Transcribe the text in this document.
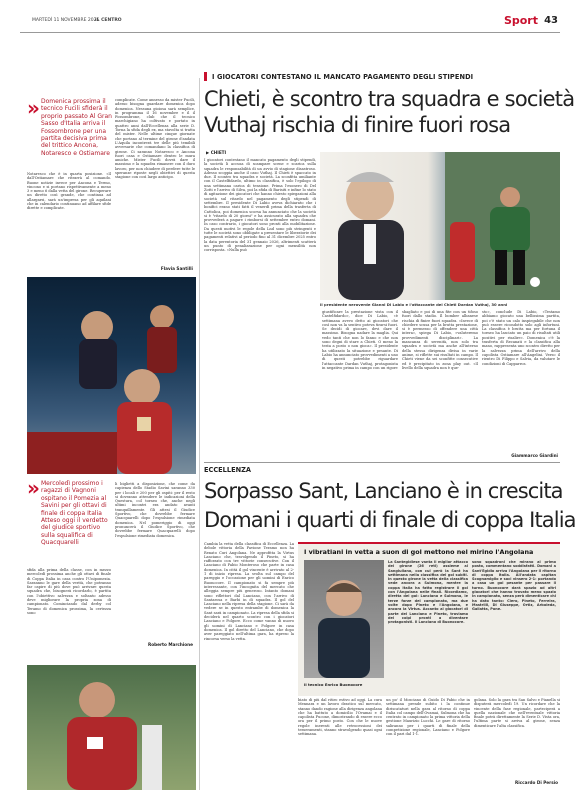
MARTEDÌ 11 NOVEMBRE 2025
IL CENTRO	Sport 43
» Domenica prossima il tecnico Fucili sfiderà il proprio passato Al Gran Sasso d'Italia arriva il Fossombrone per una partita decisiva prima del trittico Ancona, Notaresco e Ostiamare
Notaresco che è in quarta posizione. «Il dall'Ostiamare che ritrarrà al comando. Buone notizie invece per Ancona e Termo, vincono e si portano rispettivamente a meno 3 e meno 6 dalla vetta del girone. Recuperare un diretto così grande, che continua ad allargarsi, sarà un'impresa per gli aquilani che in calendario continuano ad affilare sfide dirette e complicate.
complicate. Come annesso da mister Fucili, adesso bisogna guardare domenica dopo domenica. Nessuna gioiosa sarà semplice, in programma il 16 novembre e il il Fossombrone, club che il tecnico marchigiano ha coltivato e portato in quattro anni dall'Eccellenza alla serie D. Torna la sfida degli ex, ma stavolta si tratta del mister. Nelle ultime cinque giornate che portano al termine del girone d'andata L'Aquila incontrerà tre delle più temibili avversarie che comandano la classifica di girone. Ci saranno Notaresco e Ancona fuori casa e Ostiamare dentro le mura amiche. Mister Fucili dovrà dare il massimo e la squadra rimanere con il duro lavoro, per non chiudere di perdere tutte le speranze riposte negli obiettivi di questa stagione con così largo anticipo.
Flavia Santilli
» Mercoledì prossimo i ragazzi di Vagnoni ospitano il Pomezia al Savini per gli ottavi di finale di coppa Italia Atteso oggi il verdetto del giudice sportivo sulla squalifica di Quacquarelli
sfida alla prima della classe, con in mezzo mercoledì prossima anche gli ottavi di finale di Coppa Italia in casa contro l'Unipomezia. Sarannno le gare della verità, che potranno far capire di più dove può arrivare questa squadra che, bisognerà ricordarlo, è partita con l'obiettivo salvezza e soltanto adesso deve migliorare la propria zona di campionato. Cominciando dal derby col Teramo di domenica prossima, la certezza sono
li biglietti a disposizione, che come da capienza dello Stadio Savini saranno 330 per i locali e 200 per gli ospiti: per il resto si dovranno attendere le indicazioni della Questura, col torneo che, anche negli ultimi incontri era andato avanti tranquillamente. Gli attesi il Giudice Sportivo, che dovrebbe fermare Quacquarelli dopo l'espulsione rimediata domenica. Nel pomeriggio di oggi pronuncerà il Giudice Sportivo, che dovrebbe fermare Quacquarelli dopo l'espulsione rimediata domenica.
Roberto Marchione
I GIOCATORI CONTESTANO IL MANCATO PAGAMENTO DEGLI STIPENDI
Chieti, è scontro tra squadra e società
Vuthaj rischia di finire fuori rosa
▶ CHIETI
I giocatori contestano il mancato pagamento degli stipendi, la società li accusa di scampare scene e scarica sulla squadra le responsabilità di un avvio di stagione disastroso. Adesso scoppia anche il caso Vuthaj. Il Chieti è spaccato in due. Il scontro tra squadra e società. La sconfitta umiliante con il Castelfidardo, ultimo in classifica, è solo l'epilogo di una settimana carica di tensione. Prima l'esonero di Del Zotti e l'arrivo di Silva, poi la sfida di Barisiti e infine lo stato di agitazione dei giocatori che hanno chiesto spiegazioni alla società sul ritardo nel pagamento degli stipendi di settembre. Il presidente Di Labio aveva dichiarato che i bonifici erano stati fatti il venerdì prima della trasferta di Cattolica, poi domenica scorsa ha annunciato che la società si è "ritardo di 20 giorni" e ha assicurato alla squadra che provvederà a pagare i rimborsi di settembre entro domani. In caso contrario, i giocatori sono pronti alla mobilitazione. Da questi motivi le regole della Lnd sono più stringenti e tutte le società sono obbligate a presentare le liberatorie dei pagamenti relativi al periodo fino al 31 dicembre 2025 entro la data perentoria del 31 gennaio 2026, altrimenti scatterà un punto di penalizzazione per ogni mensilità non corrisposta. «Nulla può
Il presidente neroverde Gianni Di Labio e l'attaccante del Chieti Dardan Vuthaj, 30 anni
giustificare la prestazione vista con il Castelfidardo», dice Di Labio, «è settimana avevo detto ai giocatori che così non va la sentivo poteva tirarsi fuori. Se decidi di giocare, devi dare il massimo. Bisogna nadare la maglia. Qui vedo tanti che non lo fanno e che non sono degni di stare a Chieti. O meno la testa a posto o non gioca». Il presidente ha utilizzato la situazione e pesante. Di Labio ha annunciato provvedimenti a uno di questi potrebbe riguardare l'attaccante Dardan Vuthaj, protagonista in negativo prima in campo con un rigore
sbagliato e poi di una fite con un tifoso fuori dallo stadio. Il bomber albanese rischia di finire fuori squadra. «Invece di chiedere scusa per la brutta prestazione, si è permesso di offendere una città intera», spiega Di Labio, «valuteremo provvedimenti disciplinari». La mancanza di serenità, non solo tra squadra e società ma anche all'interno della stessa dirigenza divisa in varie anime, si riflette sui risultati in campo. Il Chieti viene da sei sconfitte consecutive ed è precipitato in zona play out. «Il livello della squadra non è que-
sto», conclude Di Labio, «Testamo abbiamo giocato una bellissima partita, poi c'è stato un calo inspiegabile che non può essere ricondotto solo agli infortuni. La classifica è brutta ma per fortuna il torneo ha lasciato un paio di risultati utili positivi per risalire». Domenica c'è la trasferta di Recanati e la classifica alla mano, rappresenta uno scontro diretto per la salvezza prima dell'arrivo della capolista Ostiamare all'Angelini. Verso il rientro Di Filippo e Salvia, da valutare le condizioni di Capparros.
Giammarco Giardini
ECCELLENZA
Sorpasso Sant, Lanciano è in crescita
Domani i quarti di finale di coppa Italia
Cambia la vetta della classifica di Eccellenza. La debole vittoria della Favione Teramo non ha Renato Curi Angolana. Ne approfitta la Virtus Lanciano che, travolgendo il Pineto, si ha rafforzato con tre vittorie consecutive. Con il Lanciano di Fabio Monteroso che parte in casa domenica. In città il gol vincente è arrivato al 2-1 di inizio ripresa. La svolta sul campo del pareggio e l'occasione per gli uomini di Enrico Buonocore. Il campionato si fa sempre più interessante, con l'incognita del mercato che alleggia sempre più generoso. Intanto domani sono riflettori dal Lanciano, con l'arrivo di Santarosa e Barbi in di squadra. Il gol del Lanciano nella ripresa della stagione. Ci sarà da vedere se in questo entrambe di domenica la Sant sarà in campionato. La ripresa della sfida si deciderà nel quarto scontro con i giocatori Lanciano e Folgore. Ecco come vanno di nuovo gli uomini di Lanciano e Folgore in casa domenica. Il gol diretto del Lanciano, che dopo aver pareggiato nell'ultima gara, ha ripreso la rincorsa verso la vetta.
I vibratiani in vetta a suon di gol mettono nel mirino l'Angolana
Il tecnico Enrico Buonocore
La Santegidiese vanta il miglior attacco del girone (26 reti) assieme al Sangiuliano, con cui però la Sant ha settimana nella classifica dei gol subiti. In questo girone la vetta della classifica vede ancora a Sulmona, mentre la coppa Italia ha fatto registrare il gol con l'Angolana nelle finali. Ricordiamo, diretta dei gol: Lanciano e Sulmona, le terze forze del campionato, ma due volte dopo Pineto e l'Angolana, e ancora la Virtus. Accanto ai giocatori di parte del Lanciano e Pineto, troviamo dei colpi pronti a diventare protagonisti. Il Lanciano di Buonocore.
sono squadroni che mirano al primo posto, commentano soddisfatti. Domani a Sant'Egidio arriva l'Angolana per il ritorno di coppa Italia. All'andata capitan Scognamiglio e soci vinsero 2-1: portando a casa un gol pesante per passare il turno. Buonocore darà spazio ad altri giocatori che hanno trovato meno spazio in campionato, senza però dimenticare chi ha dato tanto: Ciero, Pineto, Ferreira, Mastrilli, Di Giuseppe, Ortiz, Arboleda, Galiatta, Pone.
biato di più dal ritiro estivo ad oggi. La cura Mennara e un lavoro drastico sul mercato, stanno dando ragione alla dirigenza angolana che ha battuto a domicilio l'Ovamai e il capolista Fucone, dimostrando di essere ecco ora per il primo posto. Con che le nuove regole inerenti alle retrocessioni dei tesseramenti, stanno stravolgendo quasi ogni settimana.
un po' il Mosciano di Guido Di Fabio che in settimana prende subito i la continue diriscataturi nella gara al ritorno di coppa Italia col campo dell'Ovamai, Sulmona che ha centrato in campionato la prima vittoria della gestione Maurizio Lucchi. Le gare di ritorno saliranno per i quarti di finale della competizione regionale, Lanciano e Folgore con il pari dal 1-1.
golana. Solo la gara tra San Salvo e Pianella si disputerà mercoledì 19. Un ricordare che la vincente della fase regionale, parteciperà a quella nazionale che nell'eventuale vittoria finale potrà direttamente la Serie D. Vista ora, l'ultima parte si arriva al girone, senza dimenticare l'alta classifica.
Riccardo Di Persio
